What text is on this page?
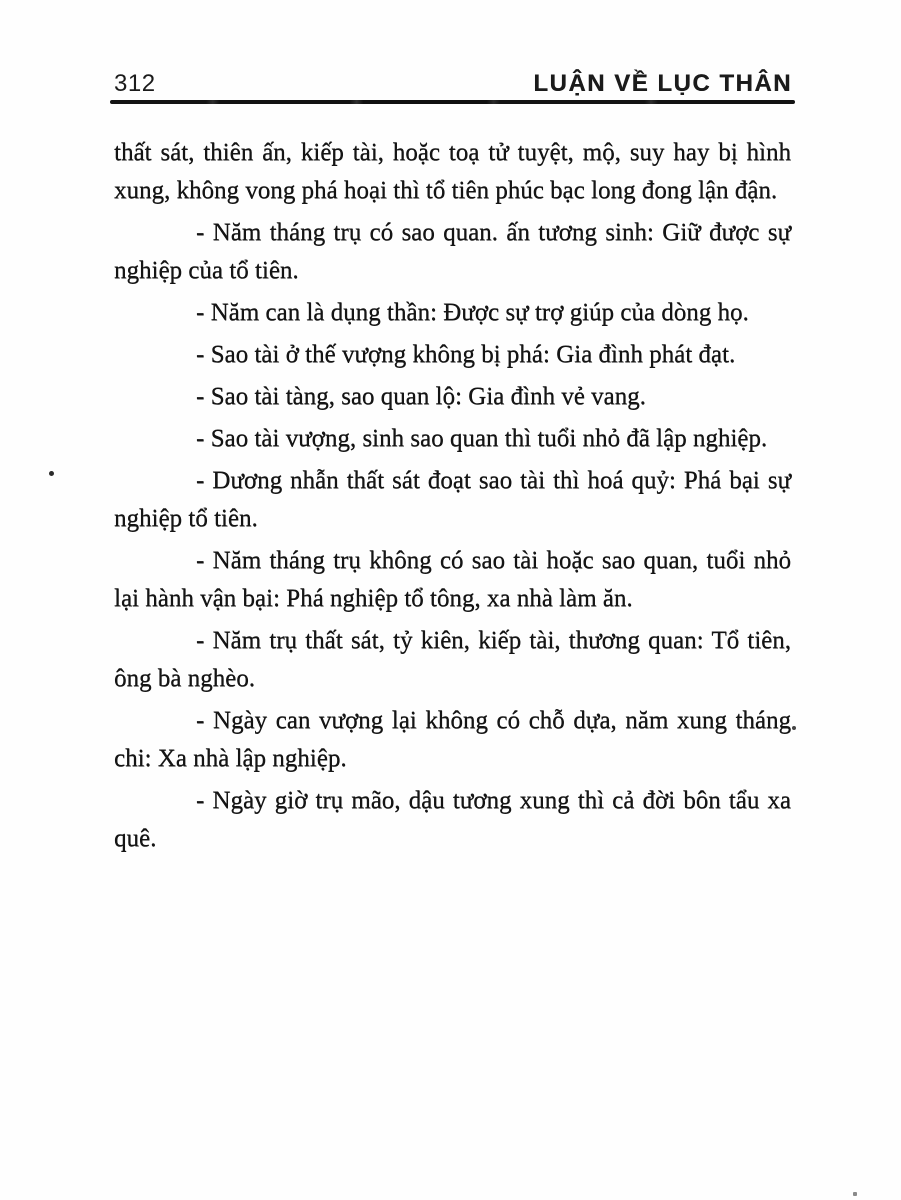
312	LUẬN VỀ LỤC THÂN

thất sát, thiên ấn, kiếp tài, hoặc toạ tử tuyệt, mộ, suy hay bị hình xung, không vong phá hoại thì tổ tiên phúc bạc long đong lận đận.

- Năm tháng trụ có sao quan. ấn tương sinh: Giữ được sự nghiệp của tổ tiên.

- Năm can là dụng thần: Được sự trợ giúp của dòng họ.

- Sao tài ở thế vượng không bị phá: Gia đình phát đạt.

- Sao tài tàng, sao quan lộ: Gia đình vẻ vang.

- Sao tài vượng, sinh sao quan thì tuổi nhỏ đã lập nghiệp.

- Dương nhẫn thất sát đoạt sao tài thì hoá quỷ: Phá bại sự nghiệp tổ tiên.

- Năm tháng trụ không có sao tài hoặc sao quan, tuổi nhỏ lại hành vận bại: Phá nghiệp tổ tông, xa nhà làm ăn.

- Năm trụ thất sát, tỷ kiên, kiếp tài, thương quan: Tổ tiên, ông bà nghèo.

- Ngày can vượng lại không có chỗ dựa, năm xung tháng chi: Xa nhà lập nghiệp.

- Ngày giờ trụ mão, dậu tương xung thì cả đời bôn tẩu xa quê.
